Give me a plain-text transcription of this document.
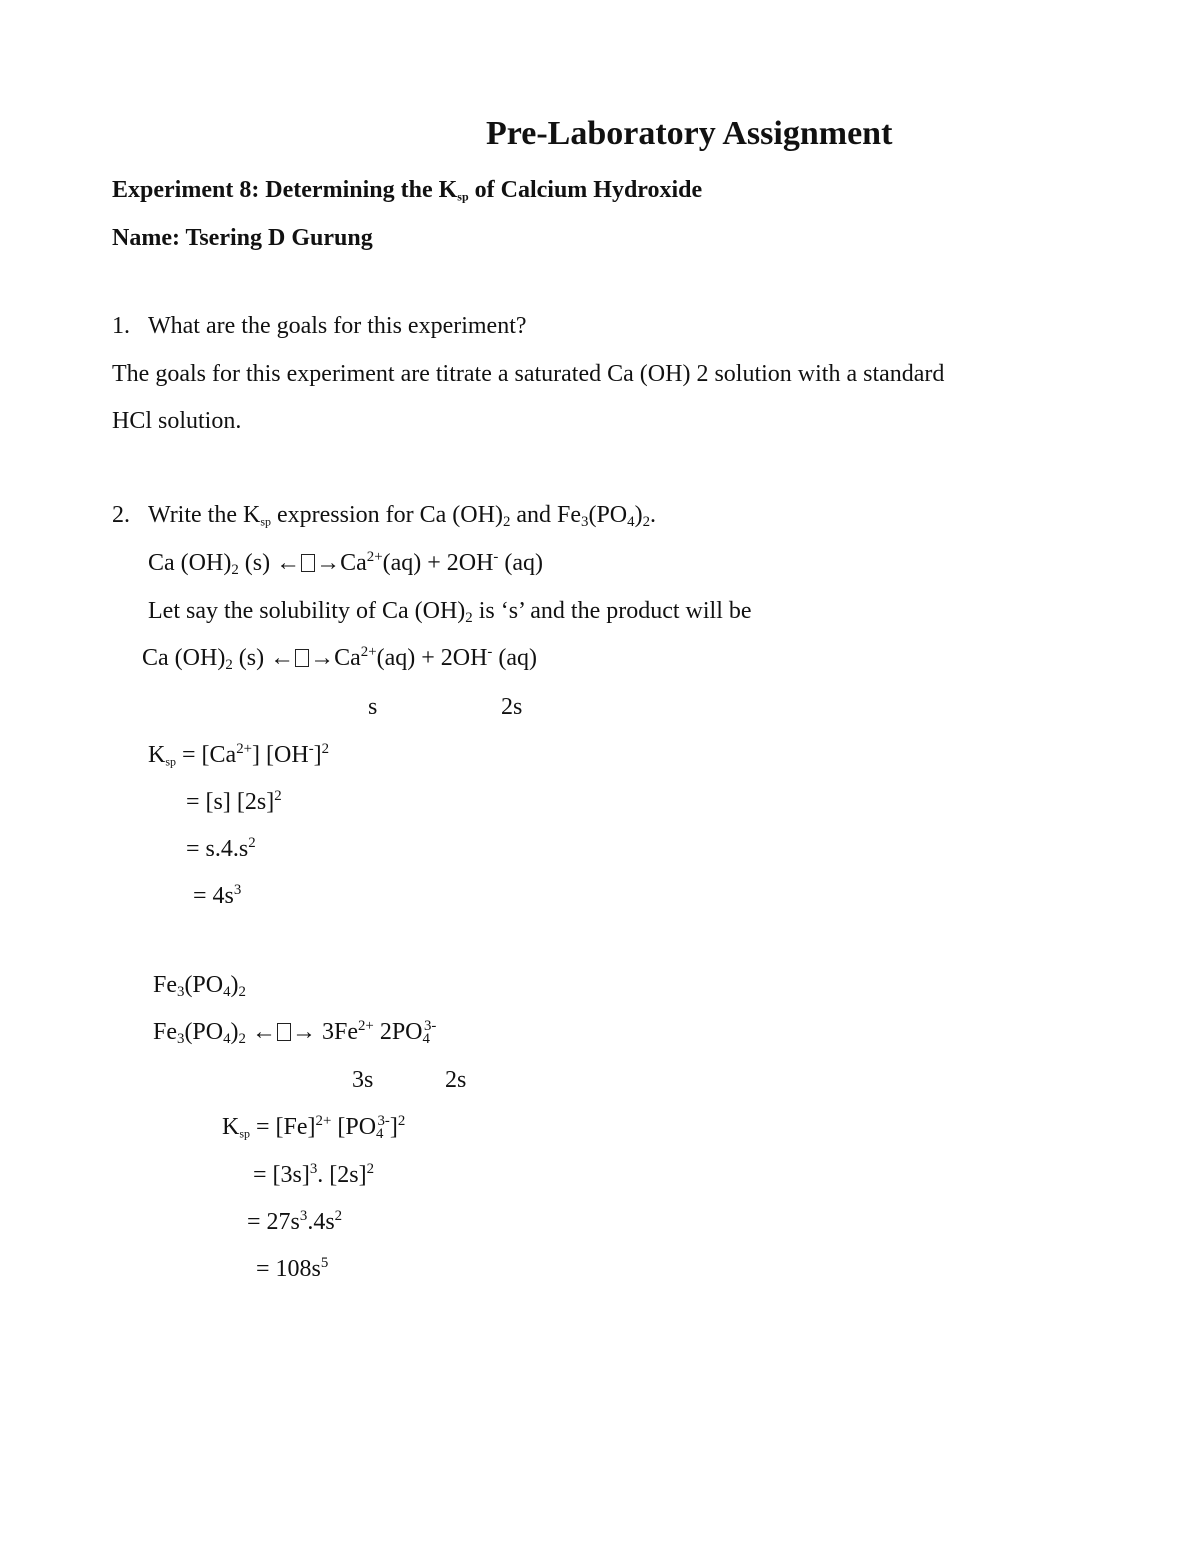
Pre-Laboratory Assignment
Experiment 8: Determining the $K_{sp}$ of Calcium Hydroxide
Name: Tsering D Gurung
1. What are the goals for this experiment?
The goals for this experiment are titrate a saturated Ca (OH) 2 solution with a standard
HCl solution.
2. Write the $K_{sp}$ expression for Ca $(OH)_2$ and $Fe_3(PO_4)_2$.
Ca $(OH)_2$ (s) ← $\to Ca^{2+}(aq) + 2OH^-$ (aq)
Let say the solubility of Ca $(OH)_2$ is ‘s’ and the product will be
Ca $(OH)_2$ (s) ← $\to Ca^{2+}(aq) + 2OH^-$ (aq)
s	2s
$K_{sp} = [Ca^{2+}]$ $[OH^-]^2$
= [s] $[2s]^2$
= $s.4.s^2$
= $4s^3$
$Fe_3(PO_4)_2$
$Fe_3(PO_4)_2$ ← → $3Fe^{2+}$ $2PO_4^{3-}$
3s	2s
$K_{sp} = [Fe]^{2+}$ $[PO_4^{3-}]^2$
= $[3s]^3$. $[2s]^2$
= $27s^3.4s^2$
= $108s^5$
